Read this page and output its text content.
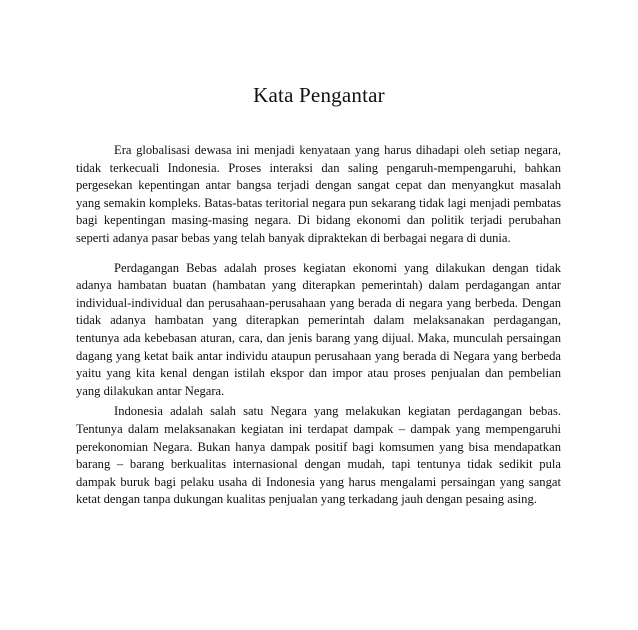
Kata Pengantar

Era globalisasi dewasa ini menjadi kenyataan yang harus dihadapi oleh setiap negara, tidak terkecuali Indonesia. Proses interaksi dan saling pengaruh-mempengaruhi, bahkan pergesekan kepentingan antar bangsa terjadi dengan sangat cepat dan menyangkut masalah yang semakin kompleks. Batas-batas teritorial negara pun sekarang tidak lagi menjadi pembatas bagi kepentingan masing-masing negara. Di bidang ekonomi dan politik terjadi perubahan seperti adanya pasar bebas yang telah banyak dipraktekan di berbagai negara di dunia.

Perdagangan Bebas adalah proses kegiatan ekonomi yang dilakukan dengan tidak adanya hambatan buatan (hambatan yang diterapkan pemerintah) dalam perdagangan antar individual-individual dan perusahaan-perusahaan yang berada di negara yang berbeda. Dengan tidak adanya hambatan yang diterapkan pemerintah dalam melaksanakan perdagangan, tentunya ada kebebasan aturan, cara, dan jenis barang yang dijual. Maka, munculah persaingan dagang yang ketat baik antar individu ataupun perusahaan yang berada di Negara yang berbeda yaitu yang kita kenal dengan istilah ekspor dan impor atau proses penjualan dan pembelian yang dilakukan antar Negara.

Indonesia adalah salah satu Negara yang melakukan kegiatan perdagangan bebas. Tentunya dalam melaksanakan kegiatan ini terdapat dampak – dampak yang mempengaruhi perekonomian Negara. Bukan hanya dampak positif bagi komsumen yang bisa mendapatkan barang – barang berkualitas internasional dengan mudah, tapi tentunya tidak sedikit pula dampak buruk bagi pelaku usaha di Indonesia yang harus mengalami persaingan yang sangat ketat dengan tanpa dukungan kualitas penjualan yang terkadang jauh dengan pesaing asing.
